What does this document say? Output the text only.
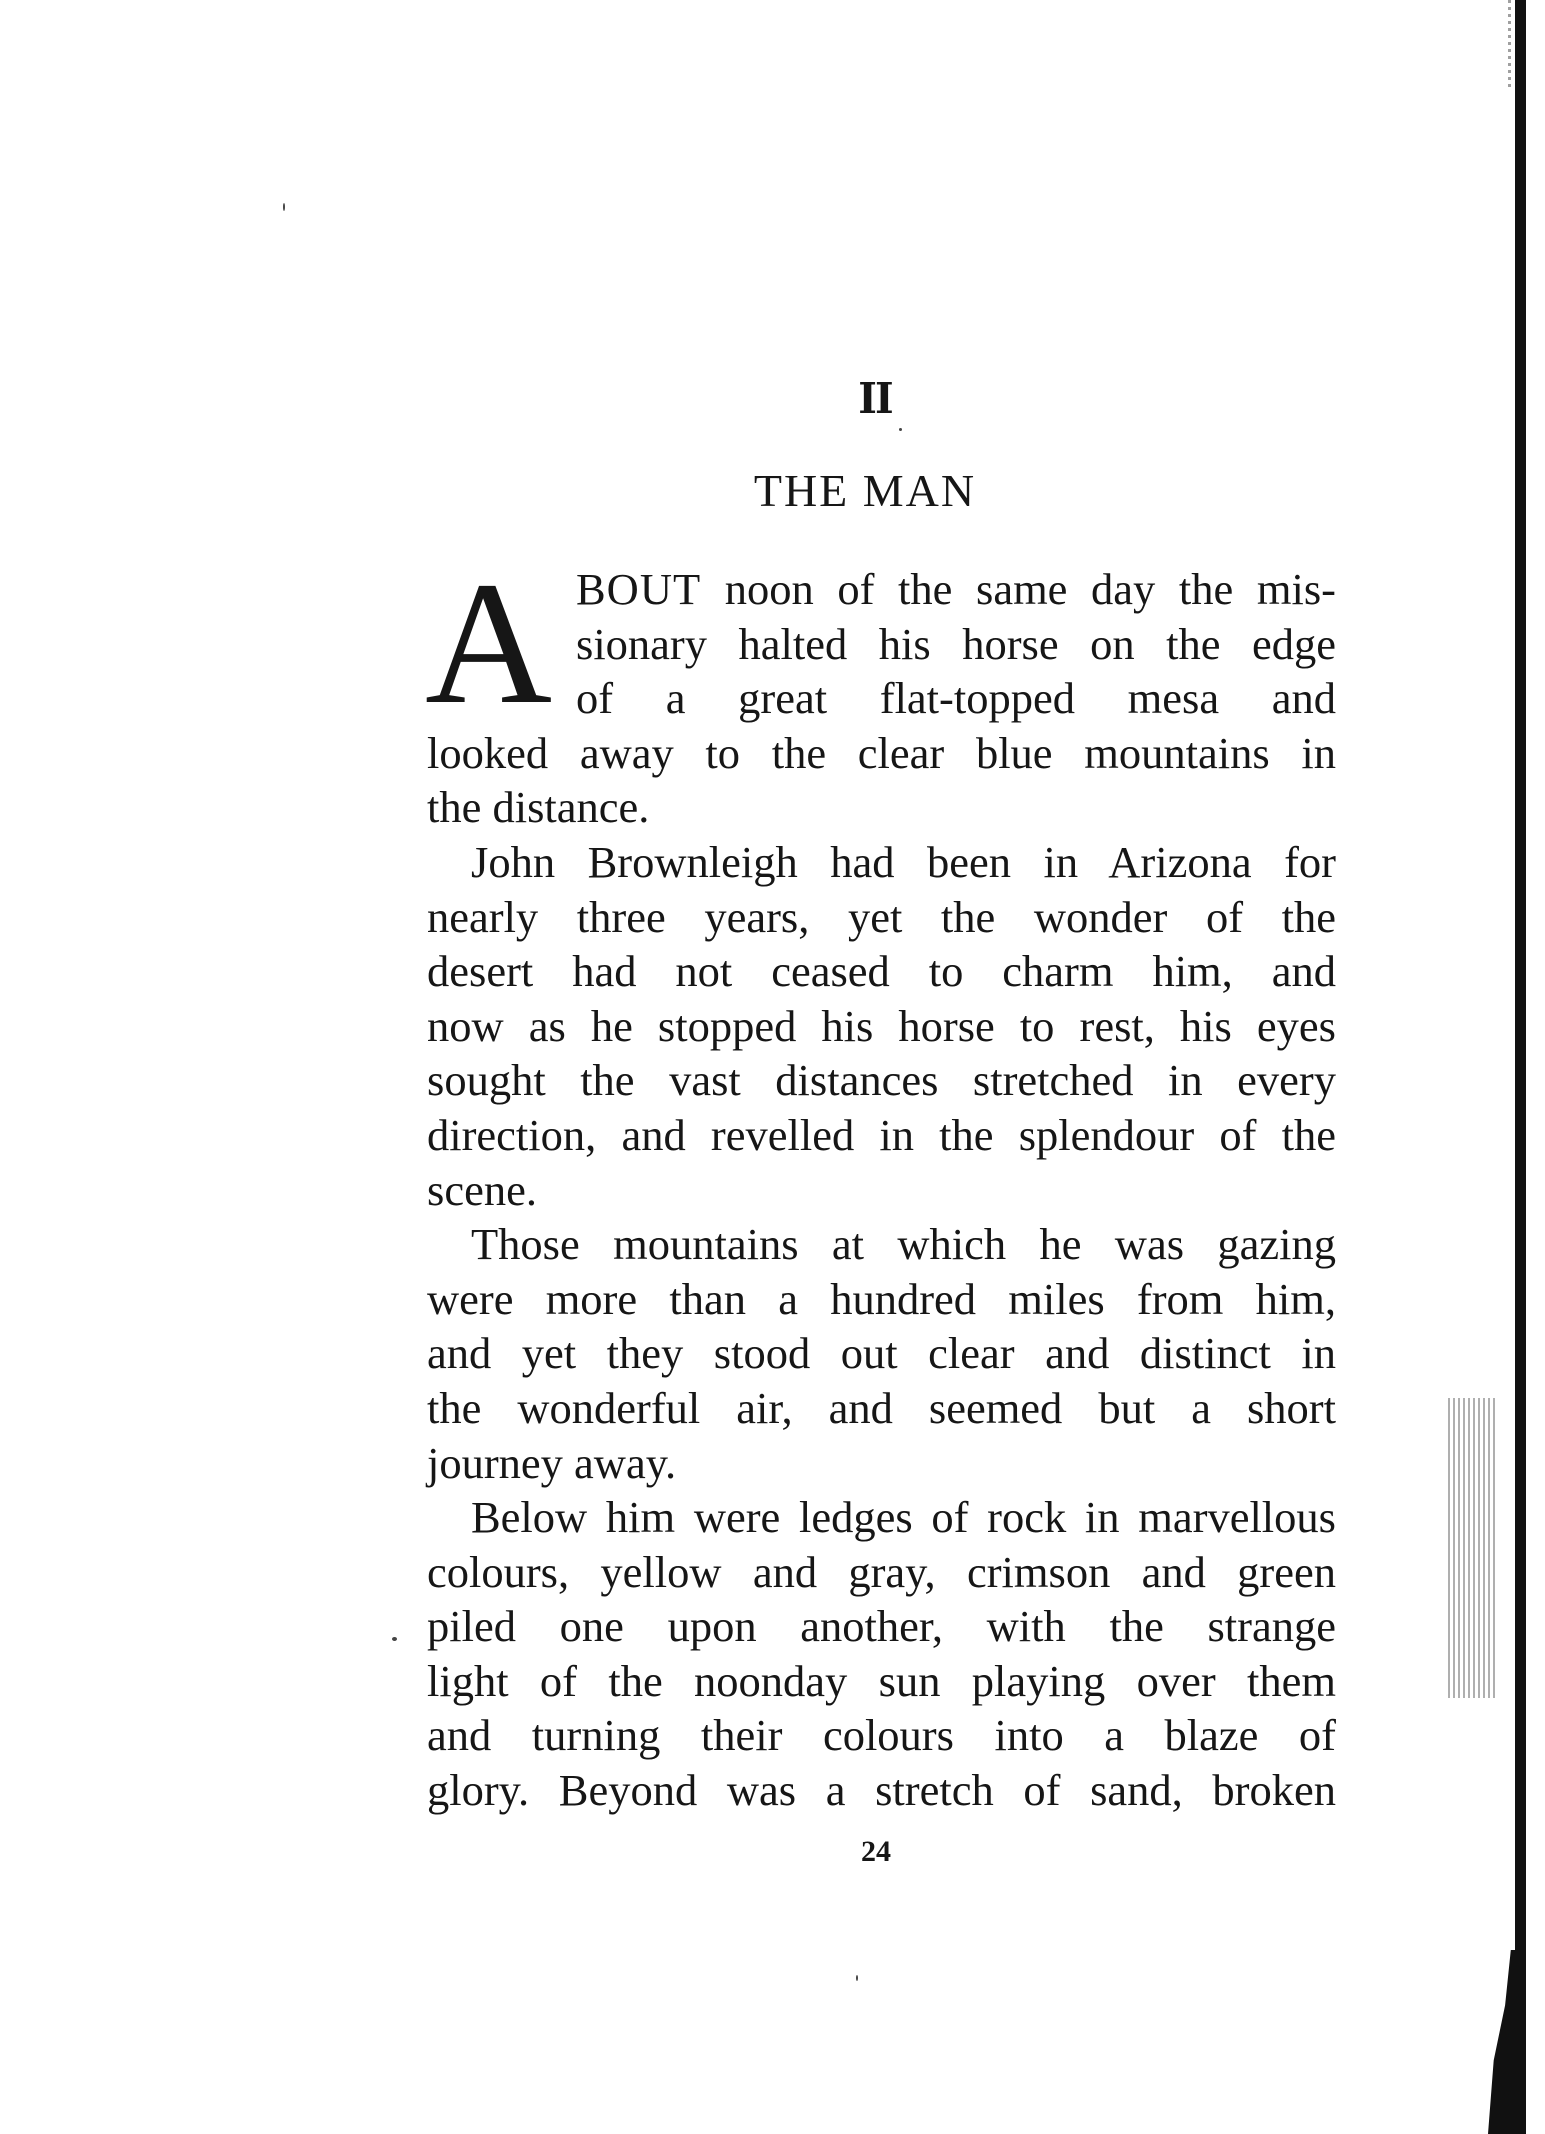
II
THE MAN
A BOUT noon of the same day the mis-
sionary halted his horse on the edge
of a great flat-topped mesa and
looked away to the clear blue mountains in
the distance.
John Brownleigh had been in Arizona for
nearly three years, yet the wonder of the
desert had not ceased to charm him, and
now as he stopped his horse to rest, his eyes
sought the vast distances stretched in every
direction, and revelled in the splendour of the
scene.
Those mountains at which he was gazing
were more than a hundred miles from him,
and yet they stood out clear and distinct in
the wonderful air, and seemed but a short
journey away.
Below him were ledges of rock in marvellous
colours, yellow and gray, crimson and green
piled one upon another, with the strange
light of the noonday sun playing over them
and turning their colours into a blaze of
glory. Beyond was a stretch of sand, broken
24
